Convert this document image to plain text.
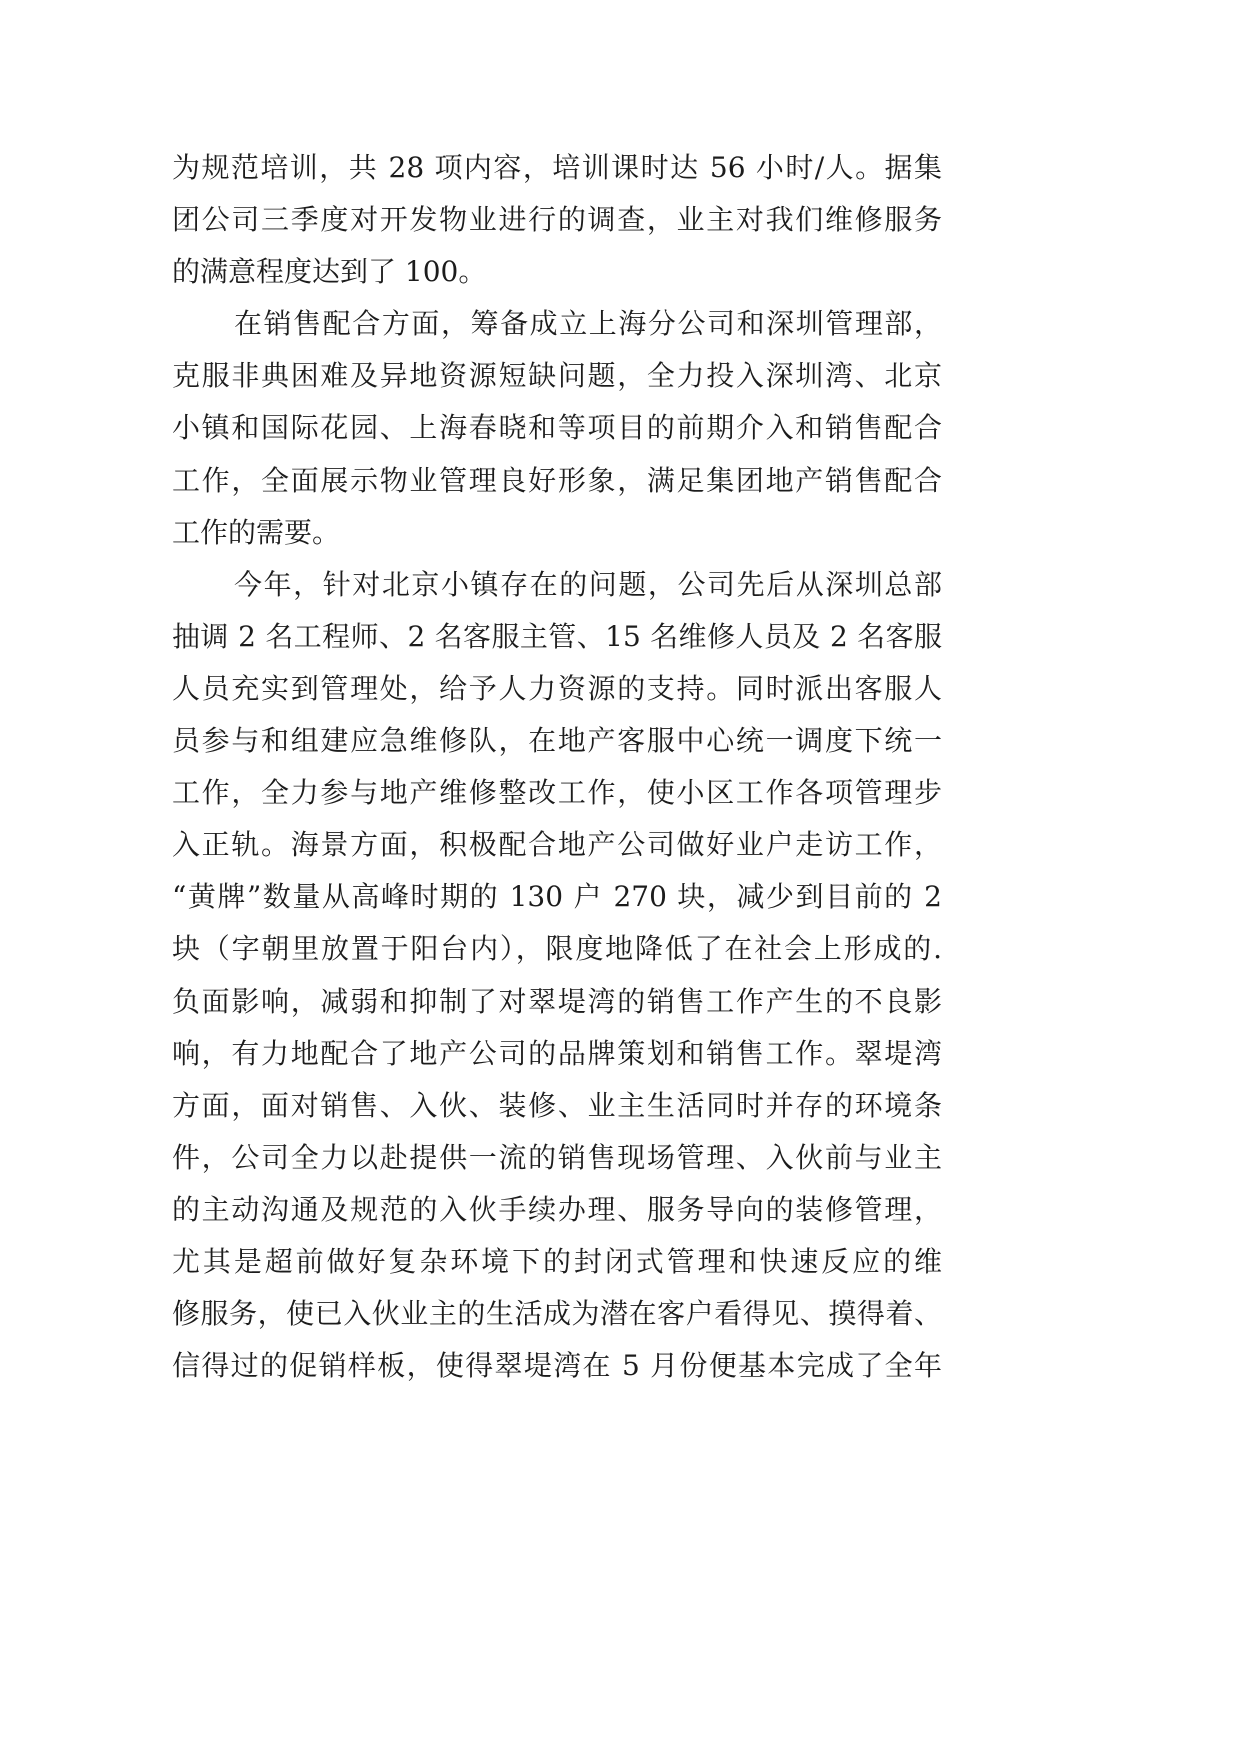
为规范培训，共 28 项内容，培训课时达 56 小时/人。据集
团公司三季度对开发物业进行的调查，业主对我们维修服务
的满意程度达到了 100。
在销售配合方面，筹备成立上海分公司和深圳管理部，
克服非典困难及异地资源短缺问题，全力投入深圳湾、北京
小镇和国际花园、上海春晓和等项目的前期介入和销售配合
工作，全面展示物业管理良好形象，满足集团地产销售配合
工作的需要。
今年，针对北京小镇存在的问题，公司先后从深圳总部
抽调 2 名工程师、2 名客服主管、15 名维修人员及 2 名客服
人员充实到管理处，给予人力资源的支持。同时派出客服人
员参与和组建应急维修队，在地产客服中心统一调度下统一
工作，全力参与地产维修整改工作，使小区工作各项管理步
入正轨。海景方面，积极配合地产公司做好业户走访工作，
“黄牌”数量从高峰时期的 130 户 270 块，减少到目前的 2
块（字朝里放置于阳台内），限度地降低了在社会上形成的.
负面影响，减弱和抑制了对翠堤湾的销售工作产生的不良影
响，有力地配合了地产公司的品牌策划和销售工作。翠堤湾
方面，面对销售、入伙、装修、业主生活同时并存的环境条
件，公司全力以赴提供一流的销售现场管理、入伙前与业主
的主动沟通及规范的入伙手续办理、服务导向的装修管理，
尤其是超前做好复杂环境下的封闭式管理和快速反应的维
修服务，使已入伙业主的生活成为潜在客户看得见、摸得着、
信得过的促销样板，使得翠堤湾在 5 月份便基本完成了全年
